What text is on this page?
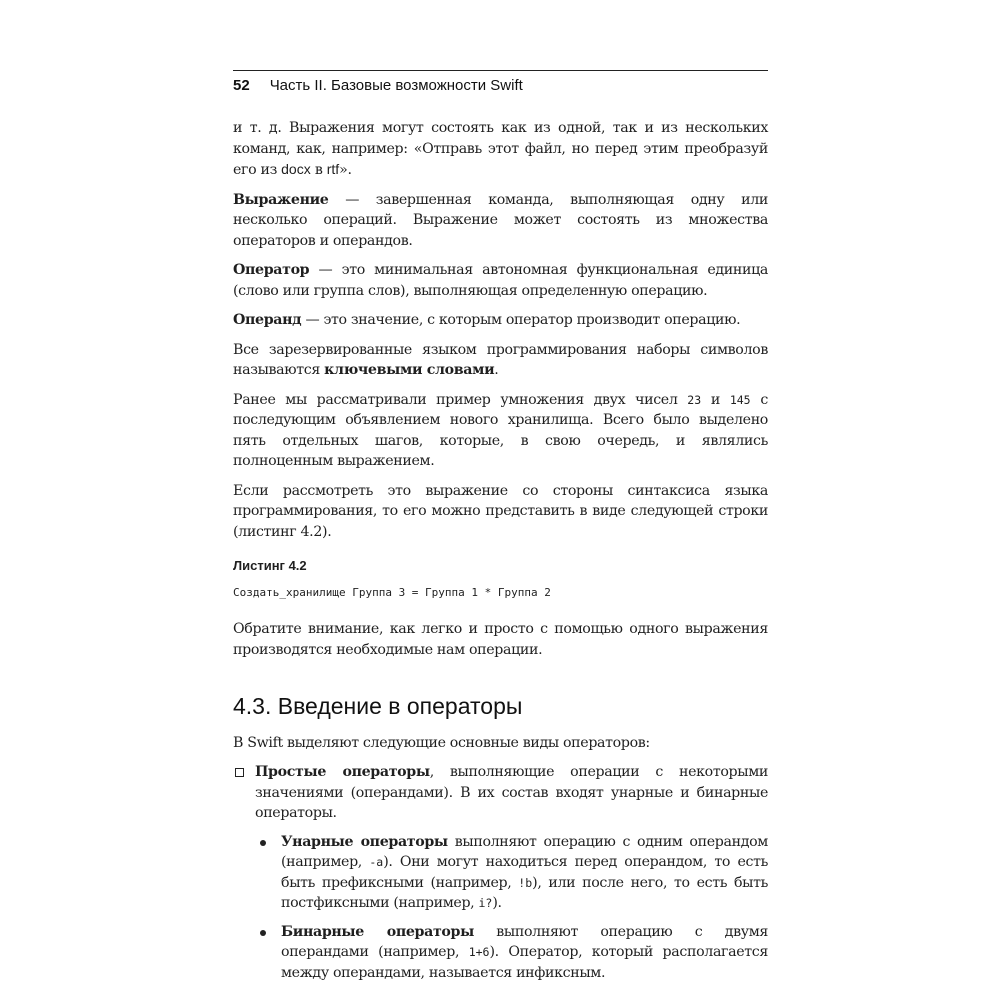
52 Часть II. Базовые возможности Swift

и т. д. Выражения могут состоять как из одной, так и из нескольких команд, как, например: «Отправь этот файл, но перед этим преобразуй его из docx в rtf».

Выражение — завершенная команда, выполняющая одну или несколько операций. Выражение может состоять из множества операторов и операндов.

Оператор — это минимальная автономная функциональная единица (слово или группа слов), выполняющая определенную операцию.

Операнд — это значение, с которым оператор производит операцию.

Все зарезервированные языком программирования наборы символов называются ключевыми словами.

Ранее мы рассматривали пример умножения двух чисел 23 и 145 с последующим объявлением нового хранилища. Всего было выделено пять отдельных шагов, которые, в свою очередь, и являлись полноценным выражением.

Если рассмотреть это выражение со стороны синтаксиса языка программирования, то его можно представить в виде следующей строки (листинг 4.2).

Листинг 4.2
Создать_хранилище Группа 3 = Группа 1 * Группа 2

Обратите внимание, как легко и просто с помощью одного выражения производятся необходимые нам операции.

4.3. Введение в операторы

В Swift выделяют следующие основные виды операторов:

Простые операторы, выполняющие операции с некоторыми значениями (операндами). В их состав входят унарные и бинарные операторы.
Унарные операторы выполняют операцию с одним операндом (например, -a). Они могут находиться перед операндом, то есть быть префиксными (например, !b), или после него, то есть быть постфиксными (например, i?).
Бинарные операторы выполняют операцию с двумя операндами (например, 1+6). Оператор, который располагается между операндами, называется инфиксным.
